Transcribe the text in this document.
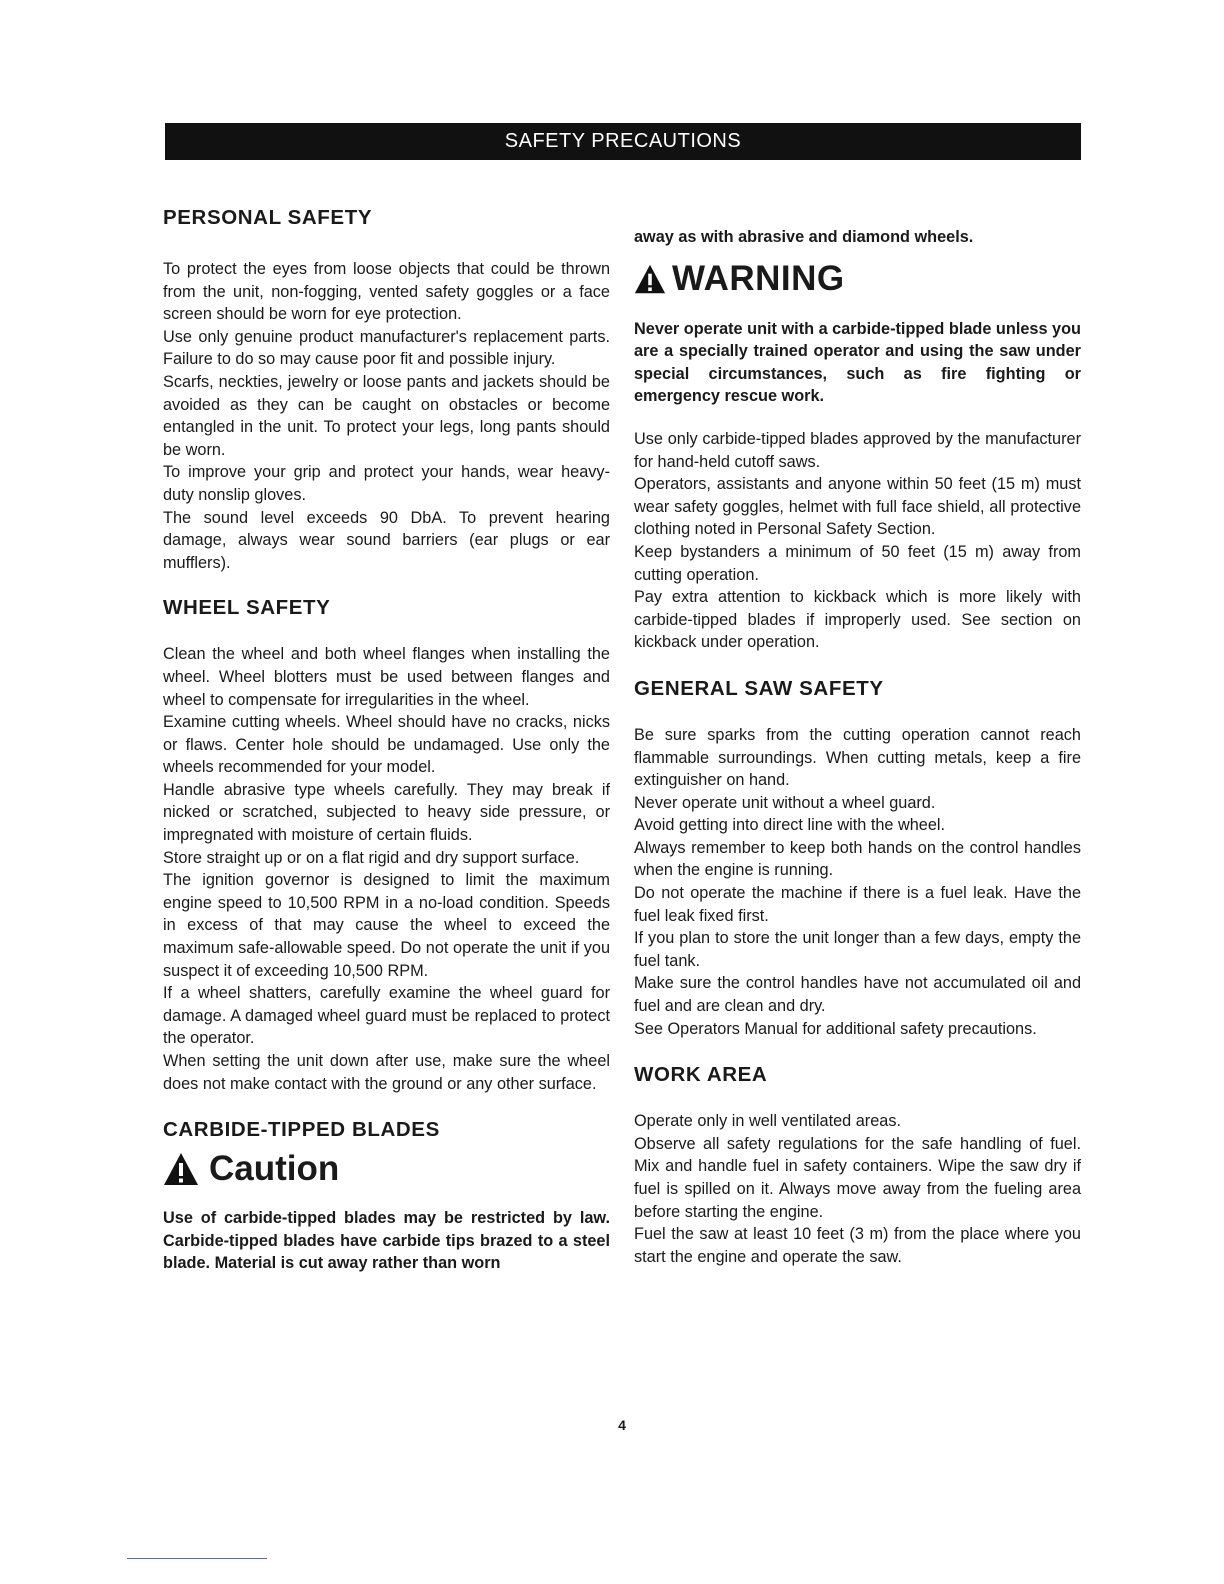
SAFETY PRECAUTIONS
PERSONAL SAFETY

To protect the eyes from loose objects that could be thrown from the unit, non-fogging, vented safety goggles or a face screen should be worn for eye protection.

Use only genuine product manufacturer's replacement parts. Failure to do so may cause poor fit and possible injury.

Scarfs, neckties, jewelry or loose pants and jackets should be avoided as they can be caught on obstacles or become entangled in the unit. To protect your legs, long pants should be worn.

To improve your grip and protect your hands, wear heavy-duty nonslip gloves.

The sound level exceeds 90 DbA. To prevent hearing damage, always wear sound barriers (ear plugs or ear mufflers).

WHEEL SAFETY

Clean the wheel and both wheel flanges when installing the wheel. Wheel blotters must be used between flanges and wheel to compensate for irregularities in the wheel.

Examine cutting wheels. Wheel should have no cracks, nicks or flaws. Center hole should be undamaged. Use only the wheels recommended for your model.

Handle abrasive type wheels carefully. They may break if nicked or scratched, subjected to heavy side pressure, or impregnated with moisture of certain fluids.

Store straight up or on a flat rigid and dry support surface.

The ignition governor is designed to limit the maximum engine speed to 10,500 RPM in a no-load condition. Speeds in excess of that may cause the wheel to exceed the maximum safe-allowable speed. Do not operate the unit if you suspect it of exceeding 10,500 RPM.

If a wheel shatters, carefully examine the wheel guard for damage. A damaged wheel guard must be replaced to protect the operator.

When setting the unit down after use, make sure the wheel does not make contact with the ground or any other surface.

CARBIDE-TIPPED BLADES
Caution

Use of carbide-tipped blades may be restricted by law. Carbide-tipped blades have carbide tips brazed to a steel blade. Material is cut away rather than worn

away as with abrasive and diamond wheels.

WARNING

Never operate unit with a carbide-tipped blade unless you are a specially trained operator and using the saw under special circumstances, such as fire fighting or emergency rescue work.

Use only carbide-tipped blades approved by the manufacturer for hand-held cutoff saws.

Operators, assistants and anyone within 50 feet (15 m) must wear safety goggles, helmet with full face shield, all protective clothing noted in Personal Safety Section.

Keep bystanders a minimum of 50 feet (15 m) away from cutting operation.

Pay extra attention to kickback which is more likely with carbide-tipped blades if improperly used. See section on kickback under operation.

GENERAL SAW SAFETY

Be sure sparks from the cutting operation cannot reach flammable surroundings. When cutting metals, keep a fire extinguisher on hand.

Never operate unit without a wheel guard.

Avoid getting into direct line with the wheel.

Always remember to keep both hands on the control handles when the engine is running.

Do not operate the machine if there is a fuel leak. Have the fuel leak fixed first.

If you plan to store the unit longer than a few days, empty the fuel tank.

Make sure the control handles have not accumulated oil and fuel and are clean and dry.

See Operators Manual for additional safety precautions.

WORK AREA

Operate only in well ventilated areas.

Observe all safety regulations for the safe handling of fuel. Mix and handle fuel in safety containers. Wipe the saw dry if fuel is spilled on it. Always move away from the fueling area before starting the engine.

Fuel the saw at least 10 feet (3 m) from the place where you start the engine and operate the saw.

4
